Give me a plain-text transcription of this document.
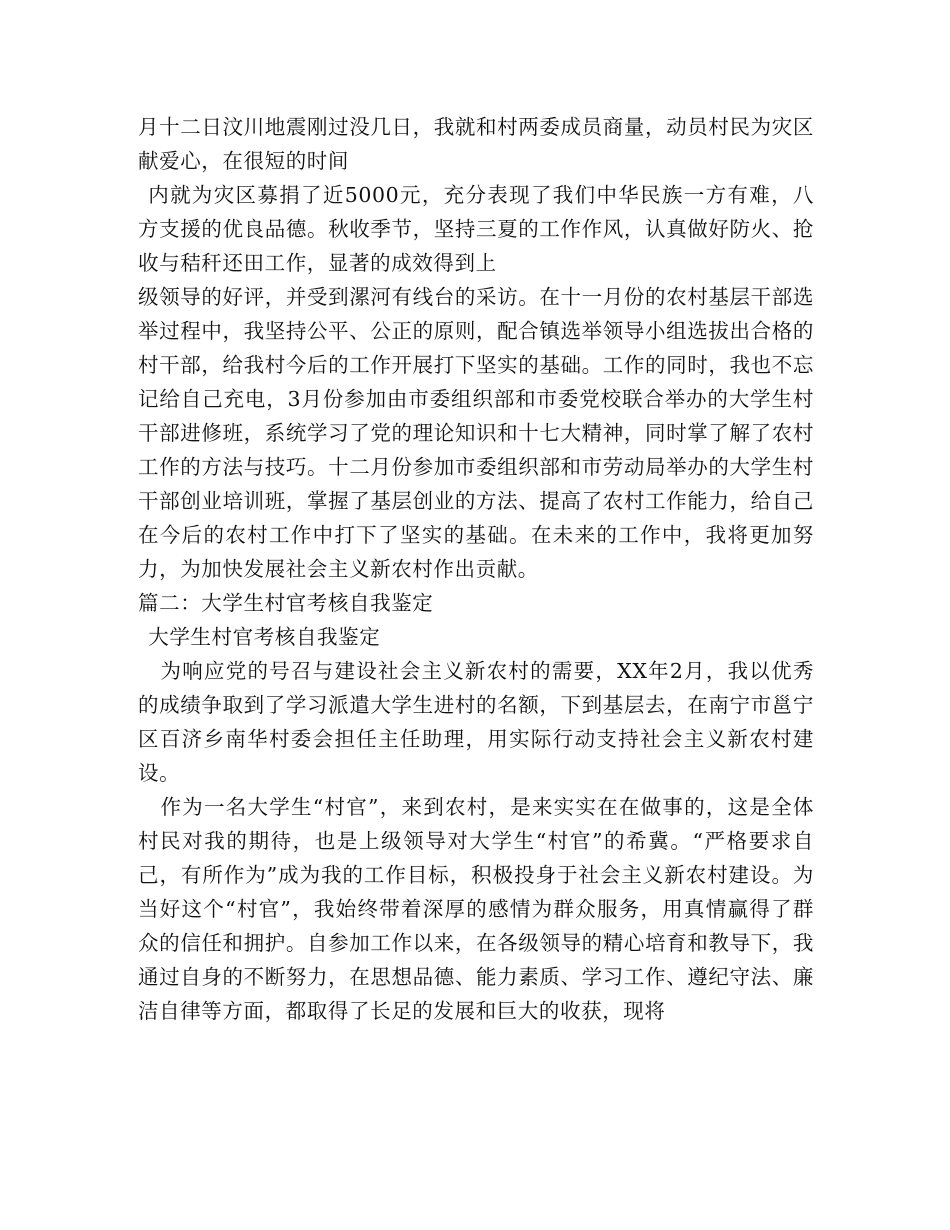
月十二日汶川地震刚过没几日，我就和村两委成员商量，动员村民为灾区献爱心，在很短的时间

内就为灾区募捐了近5000元，充分表现了我们中华民族一方有难，八方支援的优良品德。秋收季节，坚持三夏的工作作风，认真做好防火、抢收与秸秆还田工作，显著的成效得到上

级领导的好评，并受到漯河有线台的采访。在十一月份的农村基层干部选举过程中，我坚持公平、公正的原则，配合镇选举领导小组选拔出合格的村干部，给我村今后的工作开展打下坚实的基础。工作的同时，我也不忘记给自己充电，3月份参加由市委组织部和市委党校联合举办的大学生村干部进修班，系统学习了党的理论知识和十七大精神，同时掌了解了农村工作的方法与技巧。十二月份参加市委组织部和市劳动局举办的大学生村干部创业培训班，掌握了基层创业的方法、提高了农村工作能力，给自己在今后的农村工作中打下了坚实的基础。在未来的工作中，我将更加努力，为加快发展社会主义新农村作出贡献。

篇二：大学生村官考核自我鉴定

大学生村官考核自我鉴定

为响应党的号召与建设社会主义新农村的需要，XX年2月，我以优秀的成绩争取到了学习派遣大学生进村的名额，下到基层去，在南宁市邕宁区百济乡南华村委会担任主任助理，用实际行动支持社会主义新农村建设。

作为一名大学生“村官”，来到农村，是来实实在在做事的，这是全体村民对我的期待，也是上级领导对大学生“村官”的希冀。“严格要求自己，有所作为”成为我的工作目标，积极投身于社会主义新农村建设。为当好这个“村官”，我始终带着深厚的感情为群众服务，用真情赢得了群众的信任和拥护。自参加工作以来，在各级领导的精心培育和教导下，我通过自身的不断努力，在思想品德、能力素质、学习工作、遵纪守法、廉洁自律等方面，都取得了长足的发展和巨大的收获，现将
